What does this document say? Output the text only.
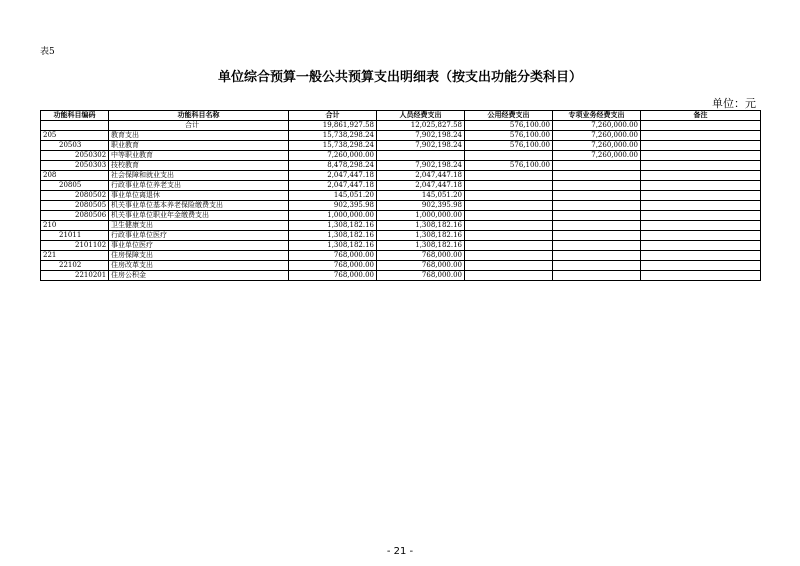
表5
单位综合预算一般公共预算支出明细表（按支出功能分类科目）
单位：元
功能科目编码	功能科目名称	合计	人员经费支出	公用经费支出	专项业务经费支出	备注
	合计	19,861,927.58	12,025,827.58	576,100.00	7,260,000.00	
205	教育支出	15,738,298.24	7,902,198.24	576,100.00	7,260,000.00	
20503	职业教育	15,738,298.24	7,902,198.24	576,100.00	7,260,000.00	
2050302	中等职业教育	7,260,000.00			7,260,000.00	
2050303	技校教育	8,478,298.24	7,902,198.24	576,100.00		
208	社会保障和就业支出	2,047,447.18	2,047,447.18			
20805	行政事业单位养老支出	2,047,447.18	2,047,447.18			
2080502	事业单位离退休	145,051.20	145,051.20			
2080505	机关事业单位基本养老保险缴费支出	902,395.98	902,395.98			
2080506	机关事业单位职业年金缴费支出	1,000,000.00	1,000,000.00			
210	卫生健康支出	1,308,182.16	1,308,182.16			
21011	行政事业单位医疗	1,308,182.16	1,308,182.16			
2101102	事业单位医疗	1,308,182.16	1,308,182.16			
221	住房保障支出	768,000.00	768,000.00			
22102	住房改革支出	768,000.00	768,000.00			
2210201	住房公积金	768,000.00	768,000.00			
- 21 -
